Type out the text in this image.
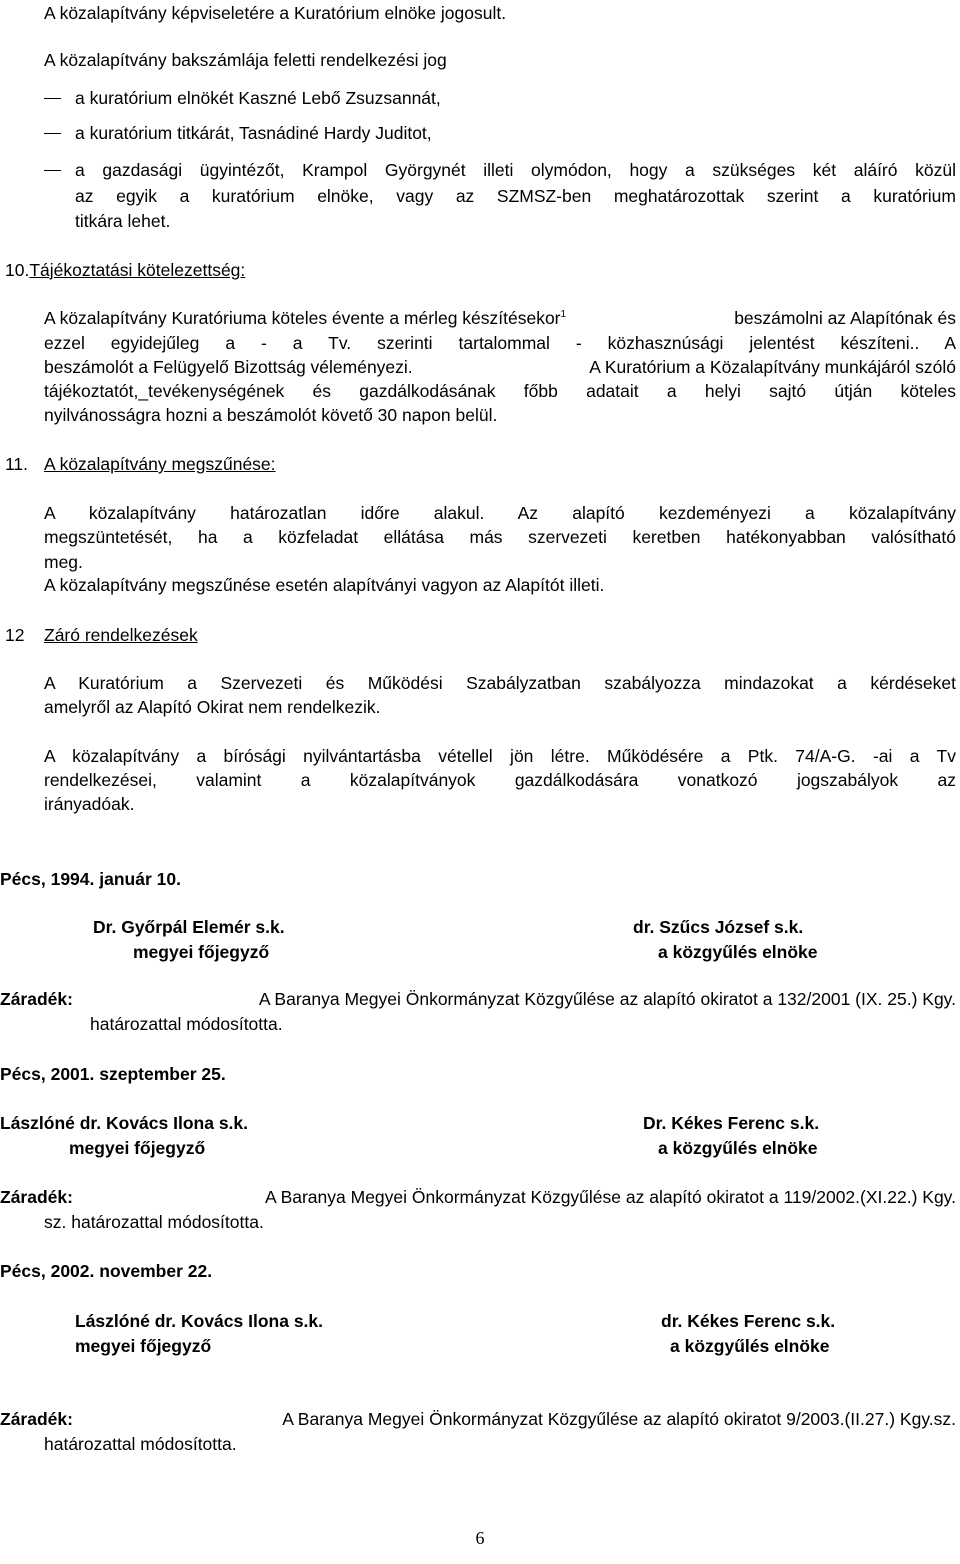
A közalapítvány képviseletére a Kuratórium elnöke jogosult.
A közalapítvány bakszámlája feletti rendelkezési jog
a kuratórium elnökét Kaszné Lebő Zsuzsannát,
a kuratórium titkárát, Tasnádiné Hardy Juditot,
a gazdasági ügyintézőt, Krampol Györgynét illeti olymódon, hogy a szükséges két aláíró közül
az egyik a kuratórium elnöke, vagy az SZMSZ-ben meghatározottak szerint a kuratórium
titkára lehet.
10.Tájékoztatási kötelezettség:
A közalapítvány Kuratóriuma köteles évente a mérleg készítésekor$^1$	beszámolni az Alapítónak és
ezzel egyidejűleg a - a Tv. szerinti tartalommal - közhasznúsági jelentést készíteni.. A
beszámolót a Felügyelő Bizottság véleményezi.	A Kuratórium a Közalapítvány munkájáról szóló
tájékoztatót,_tevékenységének és gazdálkodásának főbb adatait a helyi sajtó útján köteles
nyilvánosságra hozni a beszámolót követő 30 napon belül.
11. A közalapítvány megszűnése:
A közalapítvány határozatlan időre alakul. Az alapító kezdeményezi a közalapítvány
megszüntetését, ha a közfeladat ellátása más szervezeti keretben hatékonyabban valósítható
meg.
A közalapítvány megszűnése esetén alapítványi vagyon az Alapítót illeti.
12 Záró rendelkezések
A Kuratórium a Szervezeti és Működési Szabályzatban szabályozza mindazokat a kérdéseket
amelyről az Alapító Okirat nem rendelkezik.
A közalapítvány a bírósági nyilvántartásba vétellel jön létre. Működésére a Ptk. 74/A-G. -ai a Tv
rendelkezései, valamint a közalapítványok gazdálkodására vonatkozó jogszabályok az
irányadóak.
Pécs, 1994. január 10.
Dr. Győrpál Elemér s.k.
megyei főjegyző
dr. Szűcs József s.k.
a közgyűlés elnöke
Záradék:	A Baranya Megyei Önkormányzat Közgyűlése az alapító okiratot a 132/2001 (IX. 25.) Kgy.
határozattal módosította.
Pécs, 2001. szeptember 25.
Lászlóné dr. Kovács Ilona s.k.
megyei főjegyző
Dr. Kékes Ferenc s.k.
a közgyűlés elnöke
Záradék:	A Baranya Megyei Önkormányzat Közgyűlése az alapító okiratot a 119/2002.(XI.22.) Kgy.
sz. határozattal módosította.
Pécs, 2002. november 22.
Lászlóné dr. Kovács Ilona s.k.
megyei főjegyző
dr. Kékes Ferenc s.k.
a közgyűlés elnöke
Záradék:	A Baranya Megyei Önkormányzat Közgyűlése az alapító okiratot 9/2003.(II.27.) Kgy.sz.
határozattal módosította.
6
